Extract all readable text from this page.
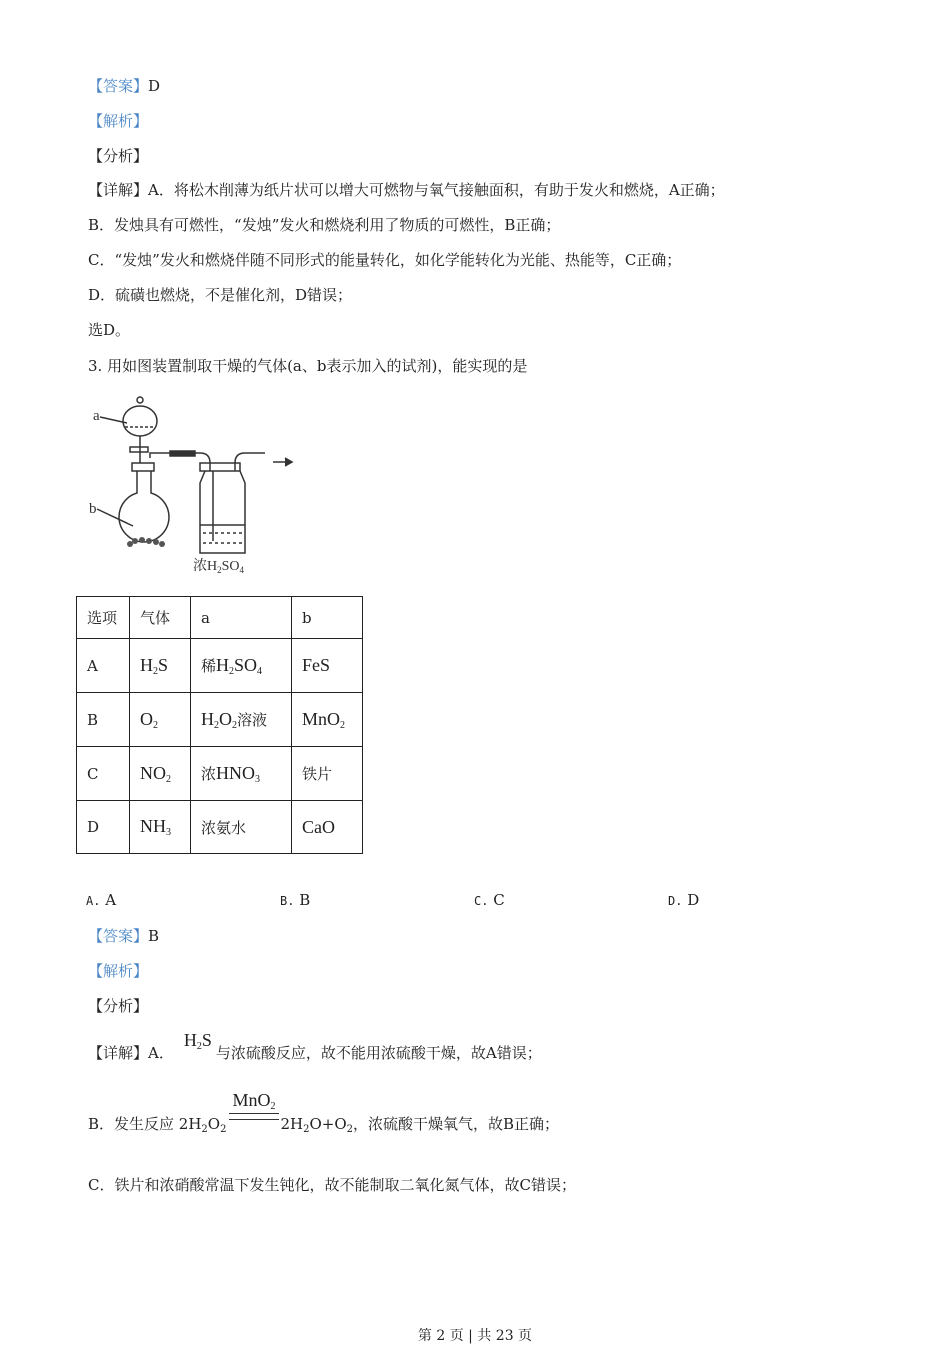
【答案】D
【解析】
【分析】
【详解】A．将松木削薄为纸片状可以增大可燃物与氧气接触面积，有助于发火和燃烧，A正确；
B．发烛具有可燃性，“发烛”发火和燃烧利用了物质的可燃性，B正确；
C．“发烛”发火和燃烧伴随不同形式的能量转化，如化学能转化为光能、热能等，C正确；
D．硫磺也燃烧，不是催化剂，D错误；
选D。
3. 用如图装置制取干燥的气体(a、b表示加入的试剂)，能实现的是
a
b
浓$H_2SO_4$
选项	气体	a	b
A	$H_2S$	稀$H_2SO_4$	FeS
B	$O_2$	$H_2O_2$溶液	MnO$_2$
C	$NO_2$	浓$HNO_3$	铁片
D	$NH_3$	浓氨水	CaO
A. A	B. B	C. C	D. D
【答案】B
【解析】
【分析】
【详解】A．$H_2S$与浓硫酸反应，故不能用浓硫酸干燥，故A错误；
B．发生反应 $2H_2O_2$	$2H_2O+O_2$，浓硫酸干燥氧气，故B正确；
MnO$_2$
C．铁片和浓硝酸常温下发生钝化，故不能制取二氧化氮气体，故C错误；
第 2 页 | 共 23 页
